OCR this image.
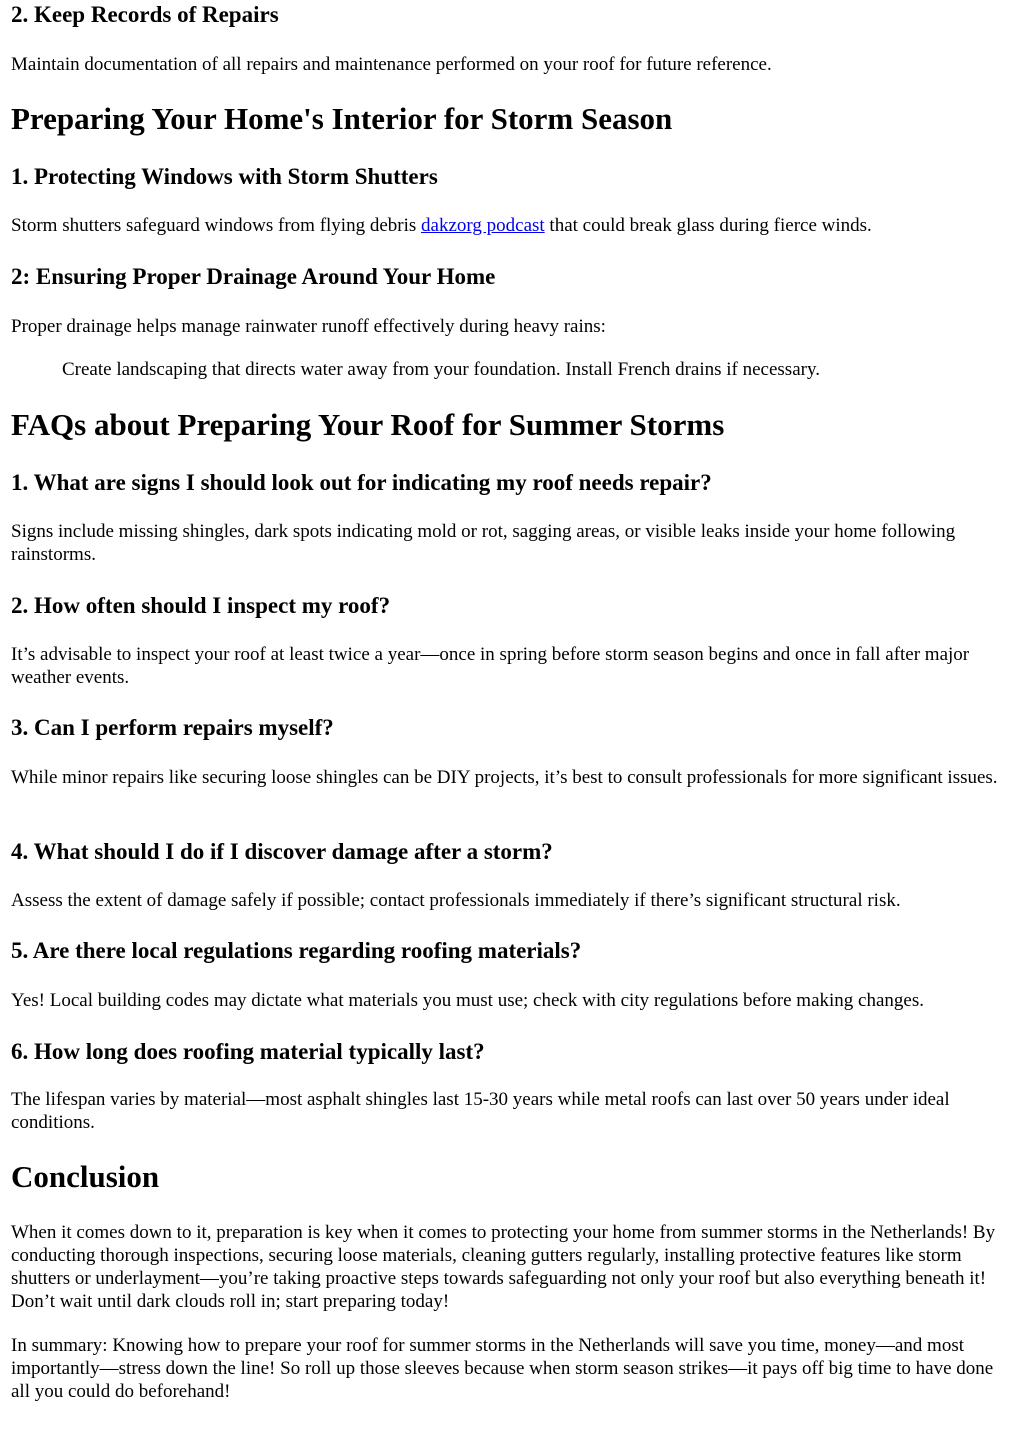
2. Keep Records of Repairs

Maintain documentation of all repairs and maintenance performed on your roof for future reference.

Preparing Your Home's Interior for Storm Season
1. Protecting Windows with Storm Shutters

Storm shutters safeguard windows from flying debris dakzorg podcast that could break glass during fierce winds.

2: Ensuring Proper Drainage Around Your Home

Proper drainage helps manage rainwater runoff effectively during heavy rains:

Create landscaping that directs water away from your foundation. Install French drains if necessary.
FAQs about Preparing Your Roof for Summer Storms
1. What are signs I should look out for indicating my roof needs repair?

Signs include missing shingles, dark spots indicating mold or rot, sagging areas, or visible leaks inside your home following rainstorms.

2. How often should I inspect my roof?

It’s advisable to inspect your roof at least twice a year—once in spring before storm season begins and once in fall after major weather events.

3. Can I perform repairs myself?

While minor repairs like securing loose shingles can be DIY projects, it’s best to consult professionals for more significant issues.

4. What should I do if I discover damage after a storm?

Assess the extent of damage safely if possible; contact professionals immediately if there’s significant structural risk.

5. Are there local regulations regarding roofing materials?

Yes! Local building codes may dictate what materials you must use; check with city regulations before making changes.

6. How long does roofing material typically last?

The lifespan varies by material—most asphalt shingles last 15-30 years while metal roofs can last over 50 years under ideal conditions.

Conclusion

When it comes down to it, preparation is key when it comes to protecting your home from summer storms in the Netherlands! By conducting thorough inspections, securing loose materials, cleaning gutters regularly, installing protective features like storm shutters or underlayment—you’re taking proactive steps towards safeguarding not only your roof but also everything beneath it! Don’t wait until dark clouds roll in; start preparing today!

In summary: Knowing how to prepare your roof for summer storms in the Netherlands will save you time, money—and most importantly—stress down the line! So roll up those sleeves because when storm season strikes—it pays off big time to have done all you could do beforehand!
